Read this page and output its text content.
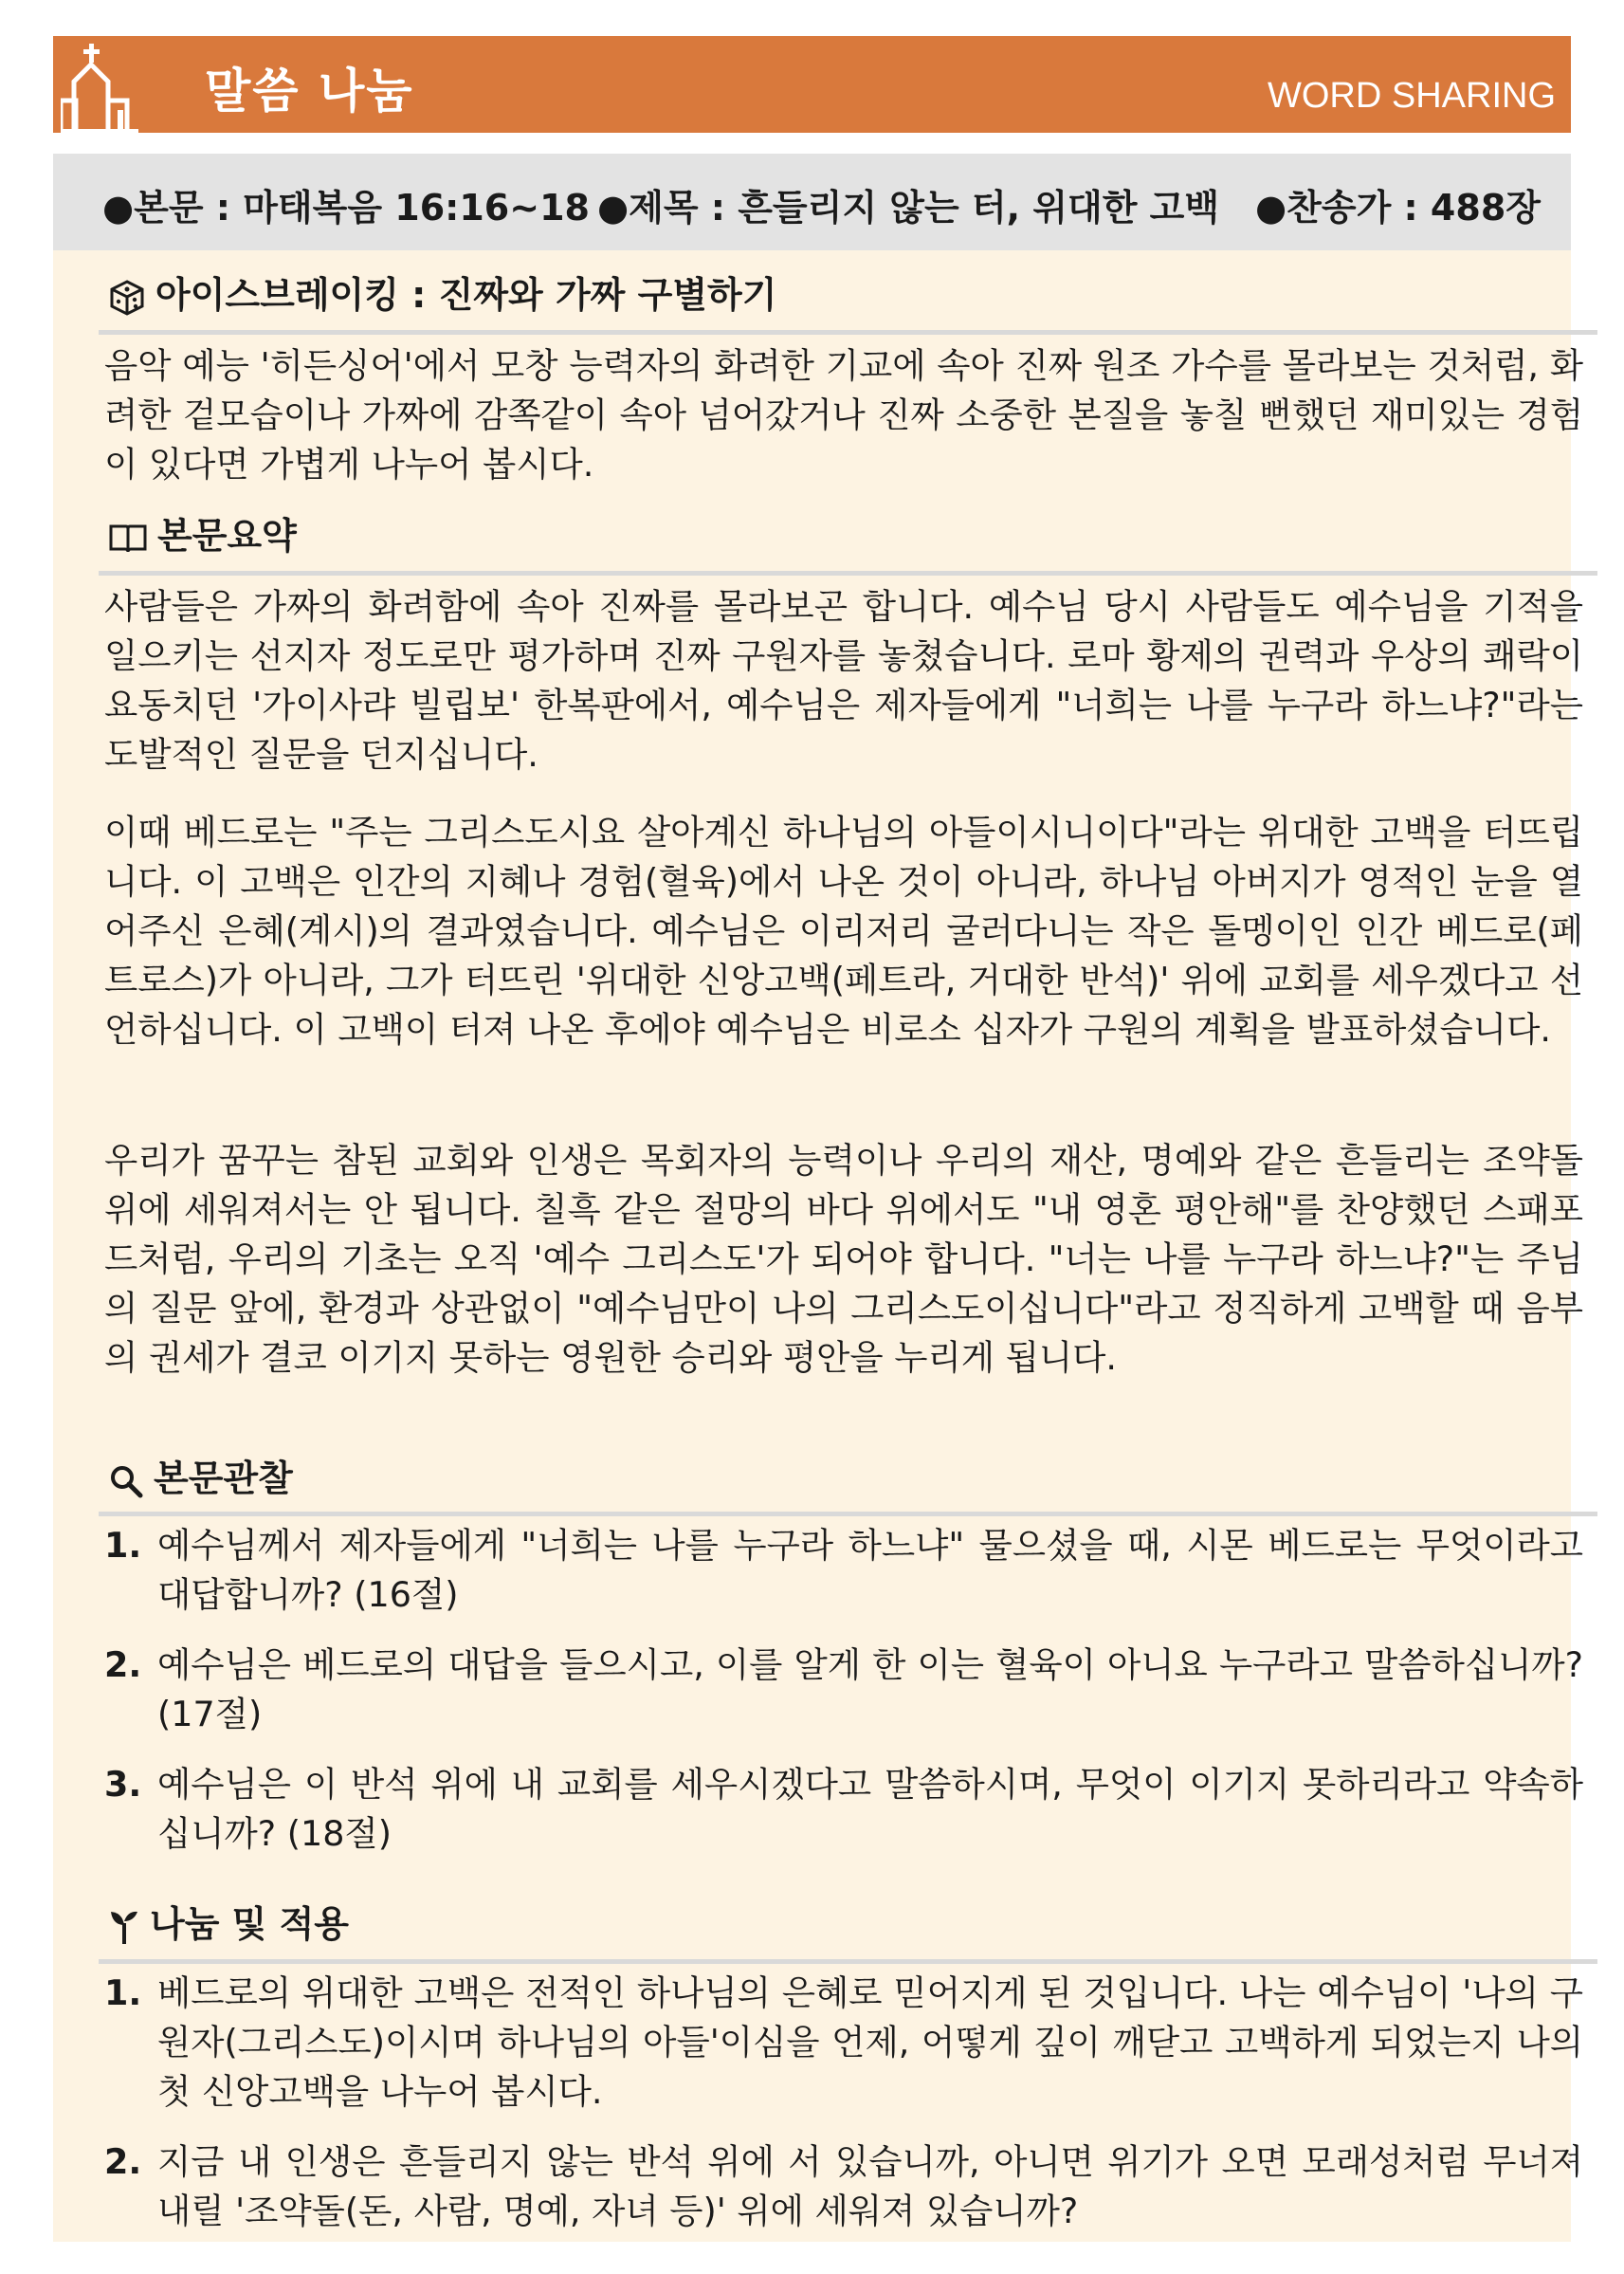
말씀 나눔	WORD SHARING
●본문 : 마태복음 16:16~18 ●제목 : 흔들리지 않는 터, 위대한 고백 ●찬송가 : 488장
아이스브레이킹 : 진짜와 가짜 구별하기
음악 예능 '히든싱어'에서 모창 능력자의 화려한 기교에 속아 진짜 원조 가수를 몰라보는 것처럼, 화려한 겉모습이나 가짜에 감쪽같이 속아 넘어갔거나 진짜 소중한 본질을 놓칠 뻔했던 재미있는 경험이 있다면 가볍게 나누어 봅시다.
본문요약
사람들은 가짜의 화려함에 속아 진짜를 몰라보곤 합니다. 예수님 당시 사람들도 예수님을 기적을 일으키는 선지자 정도로만 평가하며 진짜 구원자를 놓쳤습니다. 로마 황제의 권력과 우상의 쾌락이 요동치던 '가이사랴 빌립보' 한복판에서, 예수님은 제자들에게 "너희는 나를 누구라 하느냐?"라는 도발적인 질문을 던지십니다.
이때 베드로는 "주는 그리스도시요 살아계신 하나님의 아들이시니이다"라는 위대한 고백을 터뜨립니다. 이 고백은 인간의 지혜나 경험(혈육)에서 나온 것이 아니라, 하나님 아버지가 영적인 눈을 열어주신 은혜(계시)의 결과였습니다. 예수님은 이리저리 굴러다니는 작은 돌멩이인 인간 베드로(페트로스)가 아니라, 그가 터뜨린 '위대한 신앙고백(페트라, 거대한 반석)' 위에 교회를 세우겠다고 선언하십니다. 이 고백이 터져 나온 후에야 예수님은 비로소 십자가 구원의 계획을 발표하셨습니다.
우리가 꿈꾸는 참된 교회와 인생은 목회자의 능력이나 우리의 재산, 명예와 같은 흔들리는 조약돌 위에 세워져서는 안 됩니다. 칠흑 같은 절망의 바다 위에서도 "내 영혼 평안해"를 찬양했던 스패포드처럼, 우리의 기초는 오직 '예수 그리스도'가 되어야 합니다. "너는 나를 누구라 하느냐?"는 주님의 질문 앞에, 환경과 상관없이 "예수님만이 나의 그리스도이십니다"라고 정직하게 고백할 때 음부의 권세가 결코 이기지 못하는 영원한 승리와 평안을 누리게 됩니다.
본문관찰
1. 예수님께서 제자들에게 "너희는 나를 누구라 하느냐" 물으셨을 때, 시몬 베드로는 무엇이라고 대답합니까? (16절)
2. 예수님은 베드로의 대답을 들으시고, 이를 알게 한 이는 혈육이 아니요 누구라고 말씀하십니까? (17절)
3. 예수님은 이 반석 위에 내 교회를 세우시겠다고 말씀하시며, 무엇이 이기지 못하리라고 약속하십니까? (18절)
나눔 및 적용
1. 베드로의 위대한 고백은 전적인 하나님의 은혜로 믿어지게 된 것입니다. 나는 예수님이 '나의 구원자(그리스도)이시며 하나님의 아들'이심을 언제, 어떻게 깊이 깨닫고 고백하게 되었는지 나의 첫 신앙고백을 나누어 봅시다.
2. 지금 내 인생은 흔들리지 않는 반석 위에 서 있습니까, 아니면 위기가 오면 모래성처럼 무너져 내릴 '조약돌(돈, 사람, 명예, 자녀 등)' 위에 세워져 있습니까?
